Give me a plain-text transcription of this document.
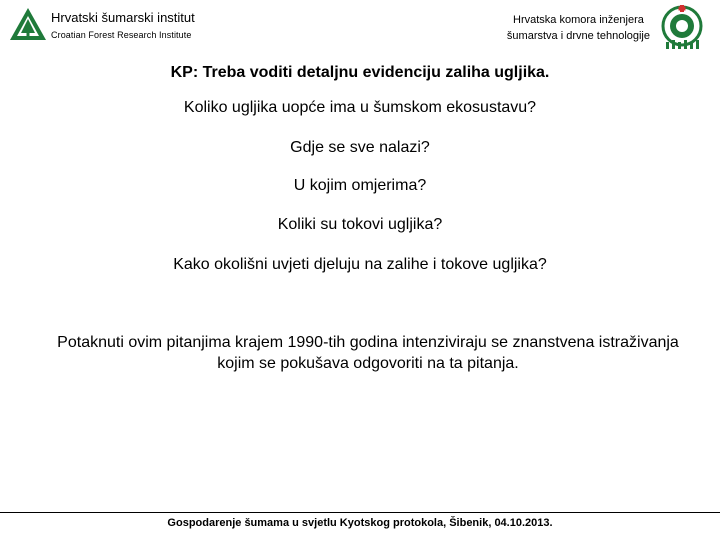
Hrvatski šumarski institut
Croatian Forest Research Institute
Hrvatska komora inženjera
šumarstva i drvne tehnologije
KP: Treba voditi detaljnu evidenciju zaliha ugljika.
Koliko ugljika uopće ima u šumskom ekosustavu?
Gdje se sve nalazi?
U kojim omjerima?
Koliki su tokovi ugljika?
Kako okolišni uvjeti djeluju na zalihe i tokove ugljika?
Potaknuti ovim pitanjima krajem 1990-tih godina intenziviraju se znanstvena istraživanja kojim se pokušava odgovoriti na ta pitanja.
Gospodarenje šumama u svjetlu Kyotskog protokola, Šibenik, 04.10.2013.
